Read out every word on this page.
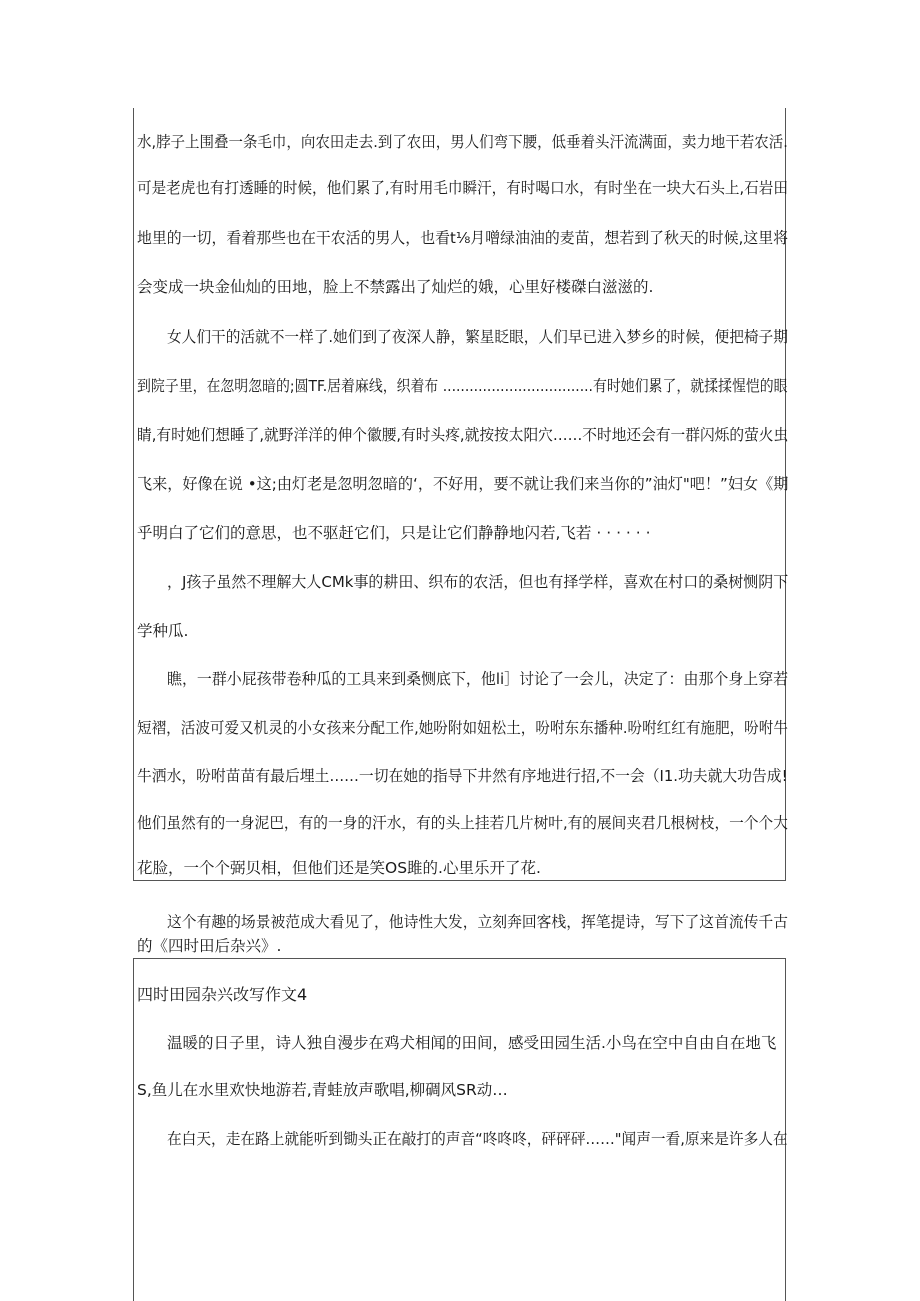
水,脖子上围叠一条毛巾，向农田走去.到了农田，男人们弯下腰，低垂着头汗流满面，卖力地干若农活.
可是老虎也有打透睡的时候，他们累了,有时用毛巾瞬汗，有时喝口水，有时坐在一块大石头上,石岩田
地里的一切，看着那些也在干农活的男人，也看t⅛月噌绿油油的麦苗，想若到了秋天的时候,这里将
会变成一块金仙灿的田地，脸上不禁露出了灿烂的娥，心里好楼磔白滋滋的.
女人们干的活就不一样了.她们到了夜深人静，繁星眨眼，人们早已进入梦乡的时候，便把椅子期
到院子里，在忽明忽暗的;圆TF.居着麻线，织着布 ..................................有时她们累了，就揉揉惺恺的眼
睛,有时她们想睡了,就野洋洋的伸个徽腰,有时头疼,就按按太阳穴……不时地还会有一群闪烁的萤火虫
飞来，好像在说 •这;由灯老是忽明忽暗的‘，不好用，要不就让我们来当你的”油灯"吧！”妇女《期
乎明白了它们的意思，也不驱赶它们，只是让它们静静地闪若,飞若 · · · · · ·
，J孩子虽然不理解大人CMk事的耕田、织布的农活，但也有择学样，喜欢在村口的桑树恻阴下
学种瓜.
瞧，一群小屁孩带卷种瓜的工具来到桑恻底下，他li］讨论了一会儿，决定了：由那个身上穿若
短褶，活波可爱又机灵的小女孩来分配工作,她吩附如妞松土，吩咐东东播种.吩咐红红有施肥，吩咐牛
牛洒水，吩咐苗苗有最后埋土……一切在她的指导下井然有序地进行招,不一会（I1.功夫就大功告成!
他们虽然有的一身泥巴，有的一身的汗水，有的头上挂若几片树叶,有的展间夹君几根树枝，一个个大
花脸，一个个弼贝相，但他们还是笑OS雎的.心里乐开了花.
这个有趣的场景被范成大看见了，他诗性大发，立刻奔回客栈，挥笔提诗，写下了这首流传千古
的《四时田后杂兴》.
四时田园杂兴改写作文4
温暖的日子里，诗人独自漫步在鸡犬相闻的田间，感受田园生活.小鸟在空中自由自在地飞
S,鱼儿在水里欢快地游若,青蛙放声歌唱,柳碉风SR动…
在白天，走在路上就能听到锄头正在敲打的声音“咚咚咚，砰砰砰……"闻声一看,原来是许多人在
